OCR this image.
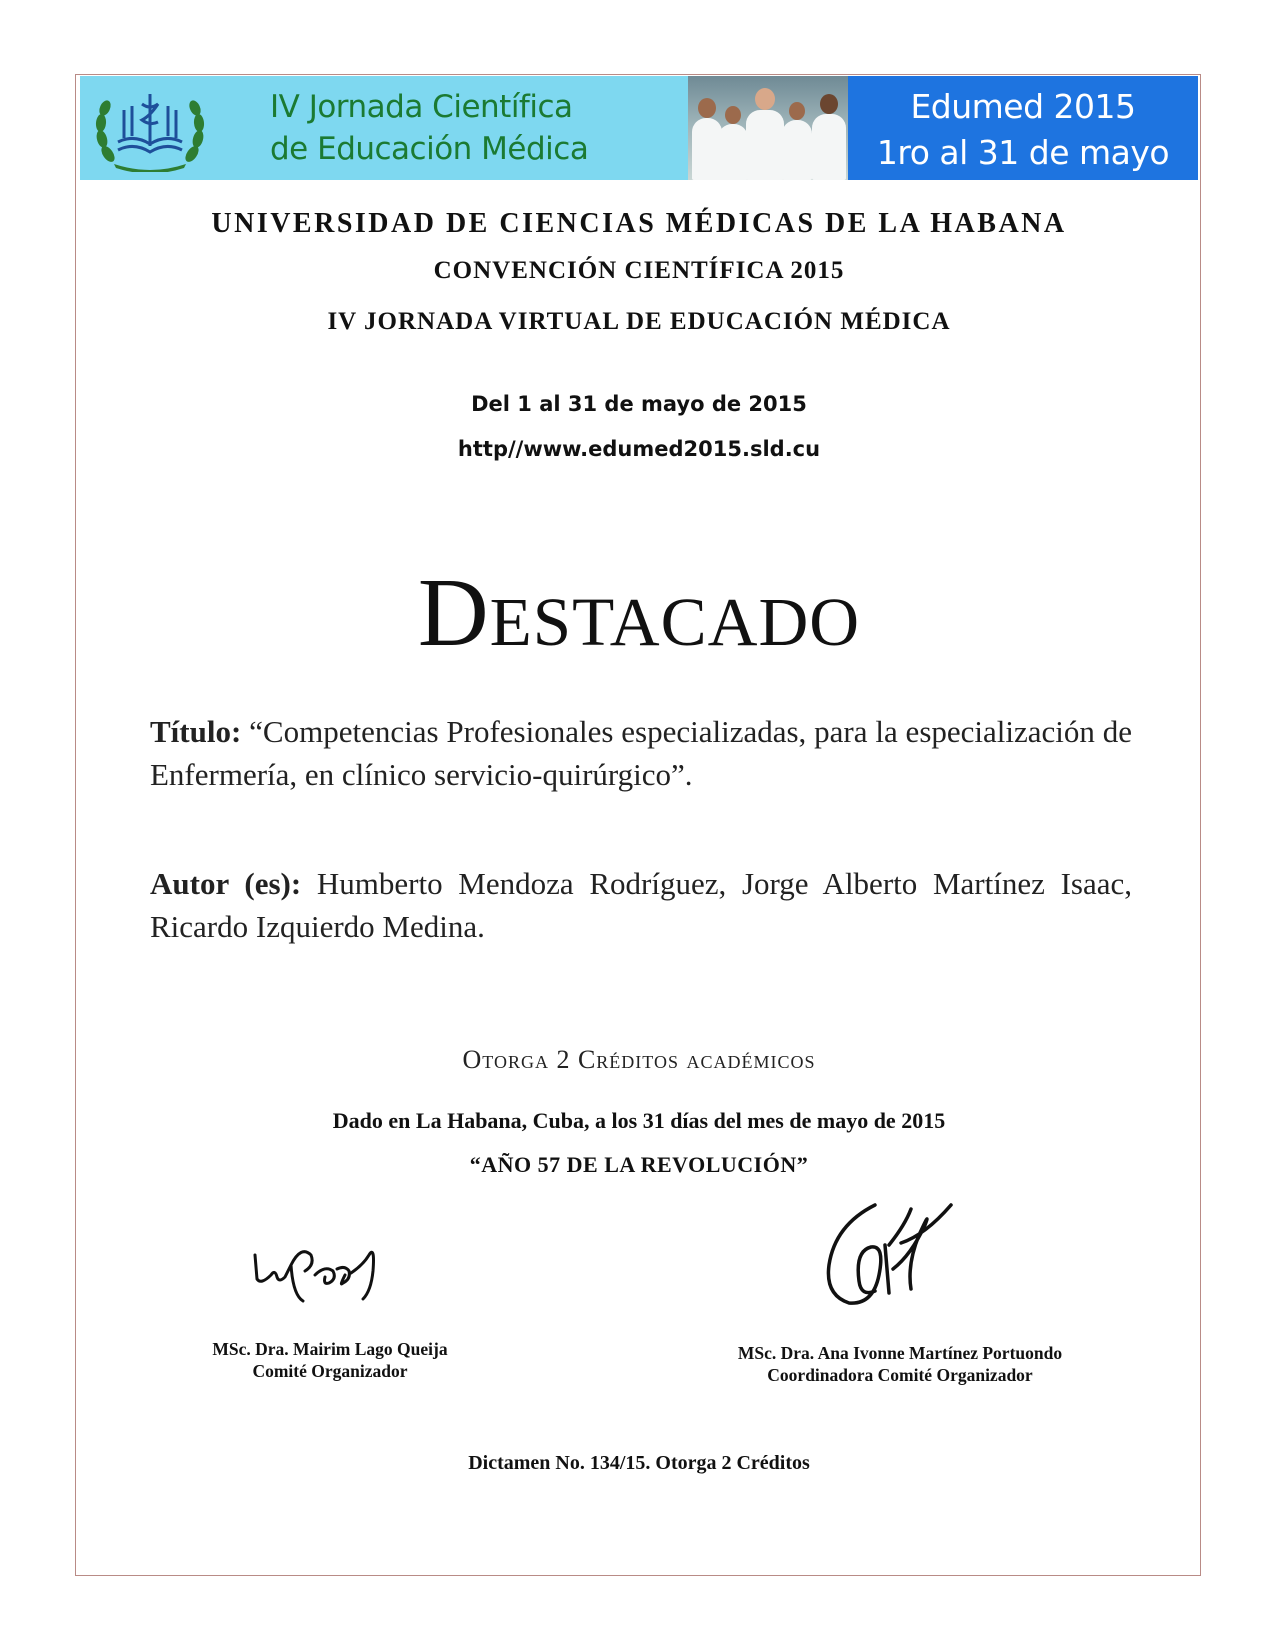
IV Jornada Científica
de Educación Médica
Edumed 2015
1ro al 31 de mayo
UNIVERSIDAD DE CIENCIAS MÉDICAS DE LA HABANA
CONVENCIÓN CIENTÍFICA 2015
IV JORNADA VIRTUAL DE EDUCACIÓN MÉDICA
Del 1 al 31 de mayo de 2015
http//www.edumed2015.sld.cu
Destacado
Título: “Competencias Profesionales especializadas, para la especialización de Enfermería, en clínico servicio-quirúrgico”.
Autor (es): Humberto Mendoza Rodríguez, Jorge Alberto Martínez Isaac, Ricardo Izquierdo Medina.
Otorga 2 Créditos académicos
Dado en La Habana, Cuba, a los 31 días del mes de mayo de 2015
“AÑO 57 DE LA REVOLUCIÓN”
MSc. Dra. Mairim Lago Queija
Comité Organizador
MSc. Dra. Ana Ivonne Martínez Portuondo
Coordinadora Comité Organizador
Dictamen No. 134/15. Otorga 2 Créditos
